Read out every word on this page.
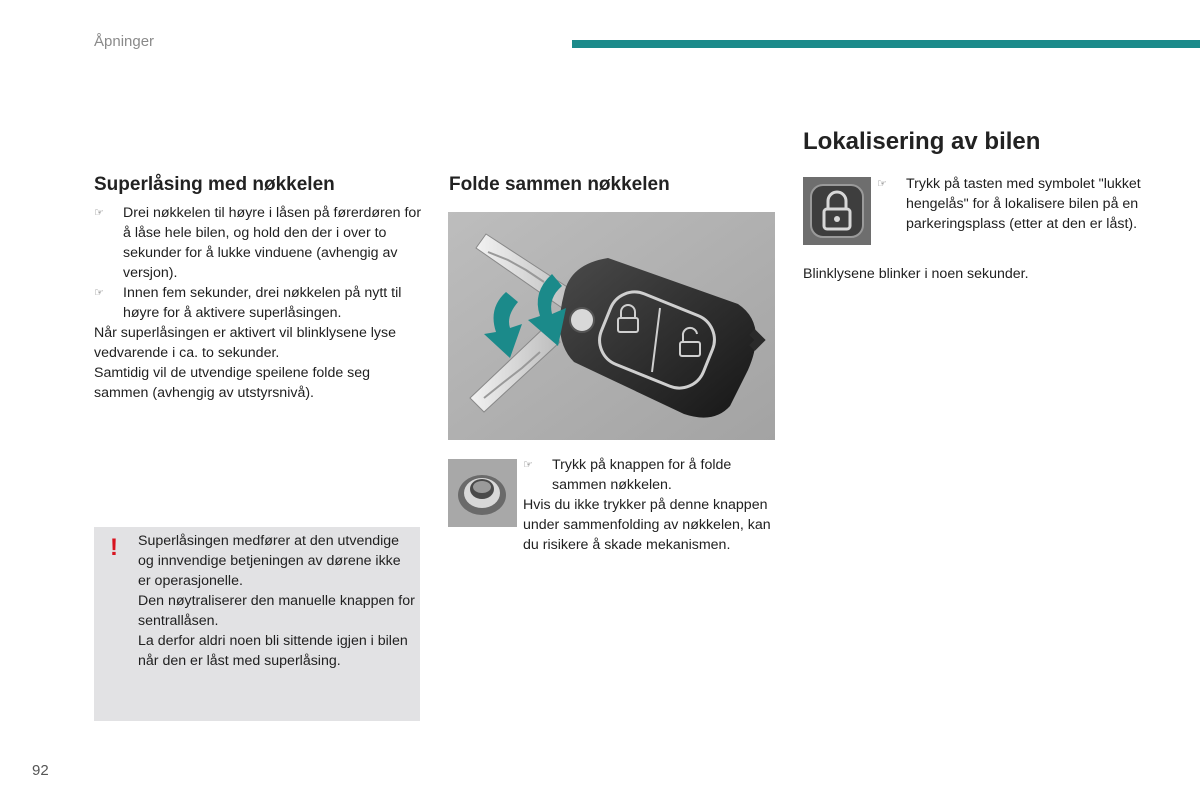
Åpninger
Superlåsing med nøkkelen

☞	Drei nøkkelen til høyre i låsen på førerdøren for å låse hele bilen, og hold den der i over to sekunder for å lukke vinduene (avhengig av versjon).

☞	Innen fem sekunder, drei nøkkelen på nytt til høyre for å aktivere superlåsingen.

Når superlåsingen er aktivert vil blinklysene lyse vedvarende i ca. to sekunder.

Samtidig vil de utvendige speilene folde seg sammen (avhengig av utstyrsnivå).

! Superlåsingen medfører at den utvendige og innvendige betjeningen av dørene ikke er operasjonelle.

Den nøytraliserer den manuelle knappen for sentrallåsen.

La derfor aldri noen bli sittende igjen i bilen når den er låst med superlåsing.

Folde sammen nøkkelen

☞	Trykk på knappen for å folde sammen nøkkelen.

Hvis du ikke trykker på denne knappen under sammenfolding av nøkkelen, kan du risikere å skade mekanismen.

Lokalisering av bilen

☞	Trykk på tasten med symbolet "lukket hengelås" for å lokalisere bilen på en parkeringsplass (etter at den er låst).

Blinklysene blinker i noen sekunder.

92
